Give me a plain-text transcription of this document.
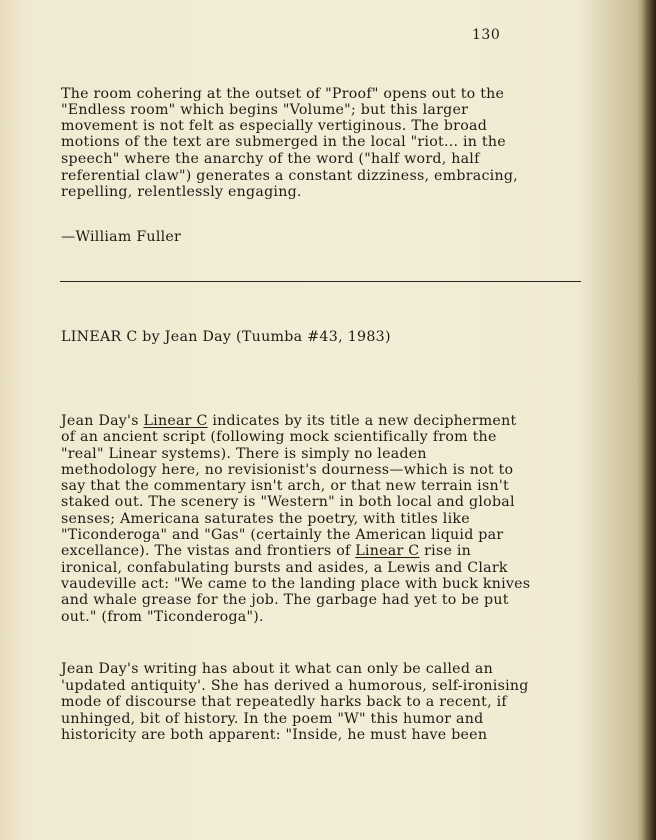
130
The room cohering at the outset of "Proof" opens out to the
"Endless room" which begins "Volume"; but this larger
movement is not felt as especially vertiginous. The broad
motions of the text are submerged in the local "riot... in the
speech" where the anarchy of the word ("half word, half
referential claw") generates a constant dizziness, embracing,
repelling, relentlessly engaging.
—William Fuller
LINEAR C by Jean Day (Tuumba #43, 1983)
Jean Day's Linear C indicates by its title a new decipherment
of an ancient script (following mock scientifically from the
"real" Linear systems). There is simply no leaden
methodology here, no revisionist's dourness—which is not to
say that the commentary isn't arch, or that new terrain isn't
staked out. The scenery is "Western" in both local and global
senses; Americana saturates the poetry, with titles like
"Ticonderoga" and "Gas" (certainly the American liquid par
excellance). The vistas and frontiers of Linear C rise in
ironical, confabulating bursts and asides, a Lewis and Clark
vaudeville act: "We came to the landing place with buck knives
and whale grease for the job. The garbage had yet to be put
out." (from "Ticonderoga").
Jean Day's writing has about it what can only be called an
'updated antiquity'. She has derived a humorous, self-ironising
mode of discourse that repeatedly harks back to a recent, if
unhinged, bit of history. In the poem "W" this humor and
historicity are both apparent: "Inside, he must have been
